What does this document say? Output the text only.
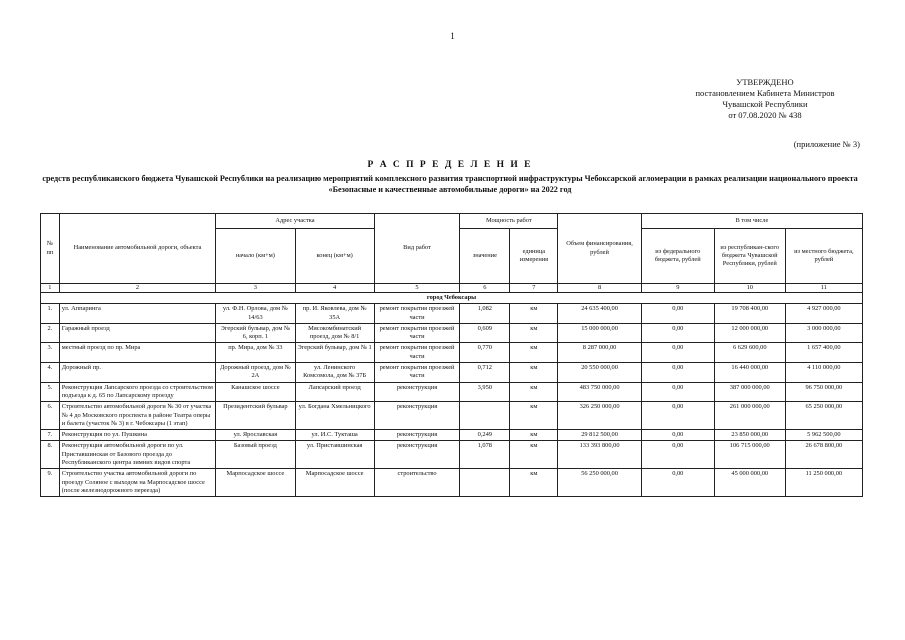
1
УТВЕРЖДЕНО
постановлением Кабинета Министров
Чувашской Республики
от 07.08.2020 № 438
(приложение № 3)
Р А С П Р Е Д Е Л Е Н И Е
средств республиканского бюджета Чувашской Республики на реализацию мероприятий комплексного развития транспортной инфраструктуры Чебоксарской агломерации в рамках реализации национального проекта «Безопасные и качественные автомобильные дороги» на 2022 год
№ пп	Наименование автомобильной дороги, объекта	Адрес участка		Вид работ	Мощность работ		Объем финансирования, рублей	В том числе		
		начало (км+м)	конец (км+м)		значение	единица измерения		из федерального бюджета, рублей	из республикан-ского бюджета Чувашской Республики, рублей	из местного бюджета, рублей
1	2	3	4	5	6	7	8	9	10	11
город Чебоксары										
1.	ул. Аппаринга	ул. Ф.Н. Орлова, дом № 14/63	пр. И. Яковлева, дом № 35А	ремонт покрытия проезжей части	1,082	км	24 635 400,00	0,00	19 708 400,00	4 927 000,00
2.	Гаражный проезд	Эгерский бульвар, дом № 6, корп. 1	Мясокомбинатский проезд, дом № 8/1	ремонт покрытия проезжей части	0,609	км	15 000 000,00	0,00	12 000 000,00	3 000 000,00
3.	местный проезд по пр. Мира	пр. Мира, дом № 33	Эгерский бульвар, дом № 1	ремонт покрытия проезжей части	0,770	км	8 287 000,00	0,00	6 629 600,00	1 657 400,00
4.	Дорожный пр.	Дорожный проезд, дом № 2А	ул. Ленинского Комсомола, дом № 37Б	ремонт покрытия проезжей части	0,712	км	20 550 000,00	0,00	16 440 000,00	4 110 000,00
5.	Реконструкция Лапсарского проезда со строительством подъезда к д. 65 по Лапсарскому проезду	Канашское шоссе	Лапсарский проезд	реконструкция	3,950	км	483 750 000,00	0,00	387 000 000,00	96 750 000,00
6.	Строительство автомобильной дороги № 30 от участка № 4 до Московского проспекта в районе Театра оперы и балета (участок № 3) в г. Чебоксары (1 этап)	Президентский бульвар	ул. Богдана Хмельницкого	реконструкция		км	326 250 000,00	0,00	261 000 000,00	65 250 000,00
7.	Реконструкция по ул. Пушкина	ул. Ярославская	ул. И.С. Тукташа	реконструкция	0,249	км	29 812 500,00	0,00	23 850 000,00	5 962 500,00
8.	Реконструкция автомобильной дороги по ул. Приставшинская от Базового проезда до Республиканского центра зимних видов спорта	Базовый проезд	ул. Приставшинская	реконструкция	1,078	км	133 393 800,00	0,00	106 715 000,00	26 678 800,00
9.	Строительство участка автомобильной дороги по проезду Соляное с выходом на Марпосадское шоссе (после железнодорожного переезда)	Марпосадское шоссе	Марпосадское шоссе	строительство		км	56 250 000,00	0,00	45 000 000,00	11 250 000,00
